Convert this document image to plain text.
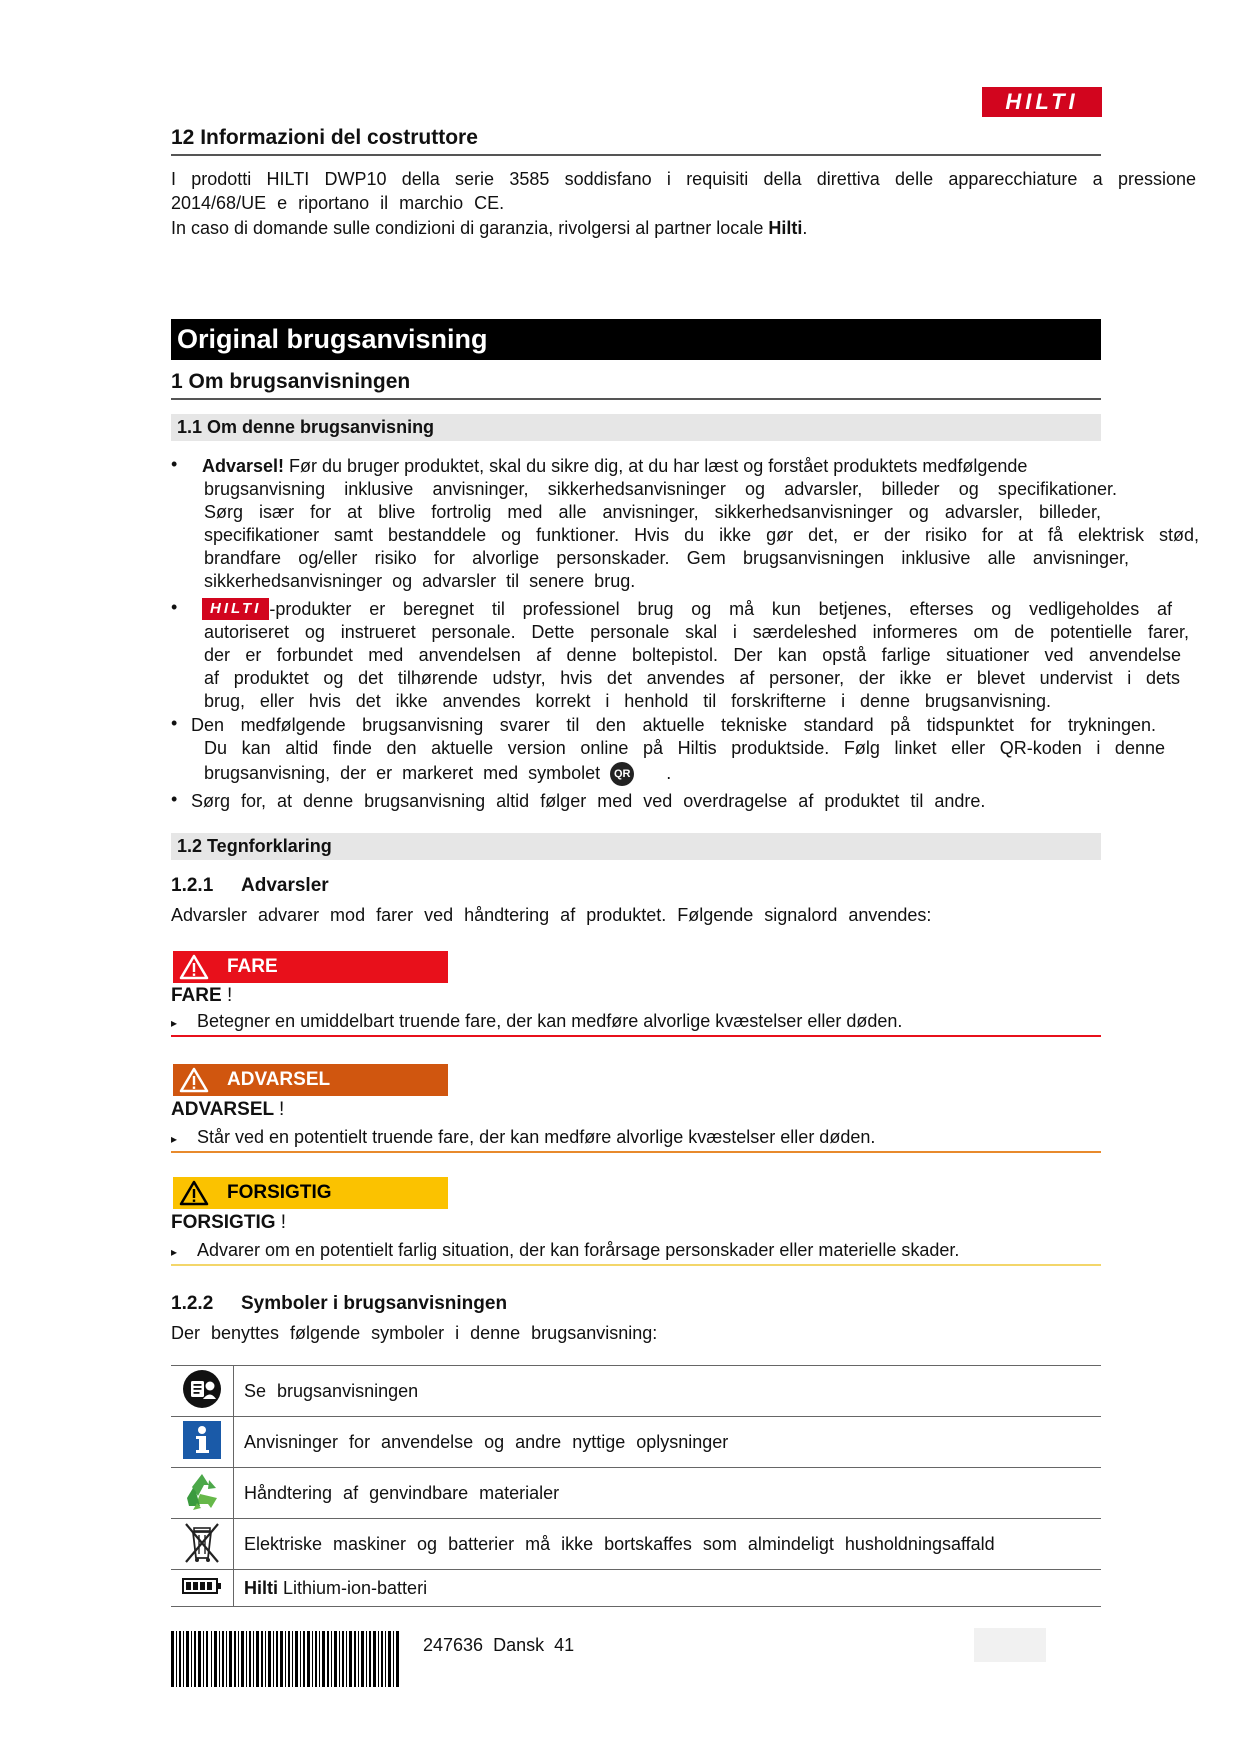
HILTI
12 Informazioni del costruttore
I prodotti HILTI DWP10 della serie 3585 soddisfano i requisiti della direttiva delle apparecchiature a pressione
2014/68/UE e riportano il marchio CE.
In caso di domande sulle condizioni di garanzia, rivolgersi al partner locale Hilti.
Original brugsanvisning
1 Om brugsanvisningen
1.1 Om denne brugsanvisning
• Advarsel! Før du bruger produktet, skal du sikre dig, at du har læst og forstået produktets medfølgende
brugsanvisning inklusive anvisninger, sikkerhedsanvisninger og advarsler, billeder og specifikationer.
Sørg især for at blive fortrolig med alle anvisninger, sikkerhedsanvisninger og advarsler, billeder,
specifikationer samt bestanddele og funktioner. Hvis du ikke gør det, er der risiko for at få elektrisk stød,
brandfare og/eller risiko for alvorlige personskader. Gem brugsanvisningen inklusive alle anvisninger,
sikkerhedsanvisninger og advarsler til senere brug.
•	HILTI -produkter er beregnet til professionel brug og må kun betjenes, efterses og vedligeholdes af
autoriseret og instrueret personale. Dette personale skal i særdeleshed informeres om de potentielle farer,
der er forbundet med anvendelsen af denne boltepistol. Der kan opstå farlige situationer ved anvendelse
af produktet og det tilhørende udstyr, hvis det anvendes af personer, der ikke er blevet undervist i dets
brug, eller hvis det ikke anvendes korrekt i henhold til forskrifterne i denne brugsanvisning.
• Den medfølgende brugsanvisning svarer til den aktuelle tekniske standard på tidspunktet for trykningen.
Du kan altid finde den aktuelle version online på Hiltis produktside. Følg linket eller QR-koden i denne
brugsanvisning, der er markeret med symbolet QR .
• Sørg for, at denne brugsanvisning altid følger med ved overdragelse af produktet til andre.
1.2 Tegnforklaring
1.2.1 Advarsler
Advarsler advarer mod farer ved håndtering af produktet. Følgende signalord anvendes:
FARE
FARE !
▸ Betegner en umiddelbart truende fare, der kan medføre alvorlige kvæstelser eller døden.
ADVARSEL
ADVARSEL !
▸ Står ved en potentielt truende fare, der kan medføre alvorlige kvæstelser eller døden.
FORSIGTIG
FORSIGTIG !
▸ Advarer om en potentielt farlig situation, der kan forårsage personskader eller materielle skader.
1.2.2 Symboler i brugsanvisningen
Der benyttes følgende symboler i denne brugsanvisning:
	Se brugsanvisningen
	Anvisninger for anvendelse og andre nyttige oplysninger
	Håndtering af genvindbare materialer
	Elektriske maskiner og batterier må ikke bortskaffes som almindeligt husholdningsaffald
	Hilti Lithium-ion-batteri
247636 Dansk 41
